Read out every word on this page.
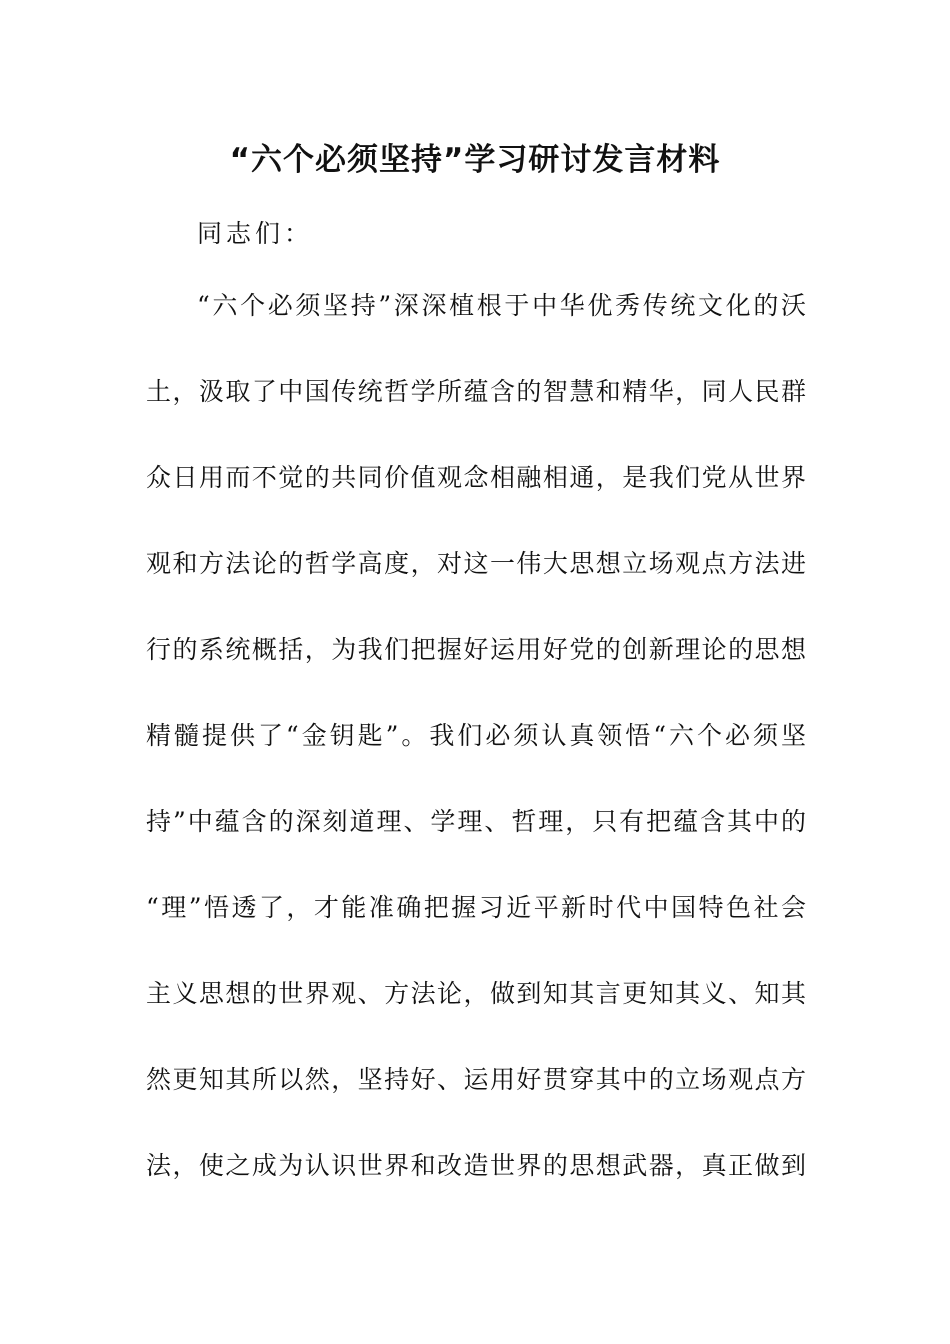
“六个必须坚持”学习研讨发言材料
同志们：
“六个必须坚持”深深植根于中华优秀传统文化的沃
土，汲取了中国传统哲学所蕴含的智慧和精华，同人民群
众日用而不觉的共同价值观念相融相通，是我们党从世界
观和方法论的哲学高度，对这一伟大思想立场观点方法进
行的系统概括，为我们把握好运用好党的创新理论的思想
精髓提供了“金钥匙”。我们必须认真领悟“六个必须坚
持”中蕴含的深刻道理、学理、哲理，只有把蕴含其中的
“理”悟透了，才能准确把握习近平新时代中国特色社会
主义思想的世界观、方法论，做到知其言更知其义、知其
然更知其所以然，坚持好、运用好贯穿其中的立场观点方
法，使之成为认识世界和改造世界的思想武器，真正做到
